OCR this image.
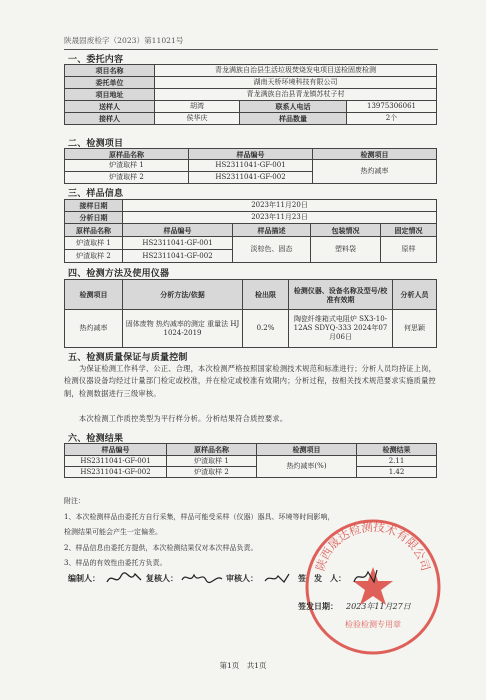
陕晟固废检字（2023）第11021号
一、委托内容
项目名称	青龙满族自治县生活垃圾焚烧发电项目送检固废检测		
委托单位	湖南天桥环境科技有限公司		
项目地址	青龙满族自治县青龙镇苏杖子村		
送样人	胡湾	联系人电话	13975306061
接样人	侯华庆	样品数量	2个
二、检测项目
原样品名称	样品编号	检测项目
炉渣取样 1	HS2311041-GF-001	热灼减率
炉渣取样 2	HS2311041-GF-002	
三、样品信息
接样日期	2023年11月20日			
分析日期	2023年11月23日			
原样品名称	样品编号	样品描述	包装情况	固定情况
炉渣取样 1	HS2311041-GF-001	淡棕色、固态	塑料袋	原样
炉渣取样 2	HS2311041-GF-002			
四、检测方法及使用仪器
检测项目	分析方法/依据	检出限	检测仪器、设备名称及型号/校准有效期	分析人员
热灼减率	固体废物 热灼减率的测定 重量法 HJ 1024-2019	0.2%	陶瓷纤维箱式电阻炉 SX3-10-12AS SDYQ-333 2024年07月06日	何思颖
五、检测质量保证与质量控制

为保证检测工作科学、公正、合理，本次检测严格按照国家检测技术规范和标准进行；分析人员均持证上岗，检测仪器设备均经过计量部门检定或校准，并在检定或校准有效期内；分析过程，按相关技术规范要求实施质量控制，检测数据进行三级审核。

本次检测工作质控类型为平行样分析。分析结果符合质控要求。

六、检测结果
样品编号	原样品名称	检测项目	检测结果
HS2311041-GF-001	炉渣取样 1	热灼减率(%)	2.11
HS2311041-GF-002	炉渣取样 2		1.42
附注：
1、本次检测样品由委托方自行采集，样品可能受采样（仪器）器具、环境等时间影响，
检测结果可能会产生一定偏差。
2、样品信息由委托方提供，本次检测结果仅对本次样品负责。
3、样品的有效性由委托方负责。	陕西晟达检测技术有限公司
检验检测专用章
编制人：	复核人：	审核人：	签　发　人：
签发日期： 2023年11月27日
第1页　共1页
